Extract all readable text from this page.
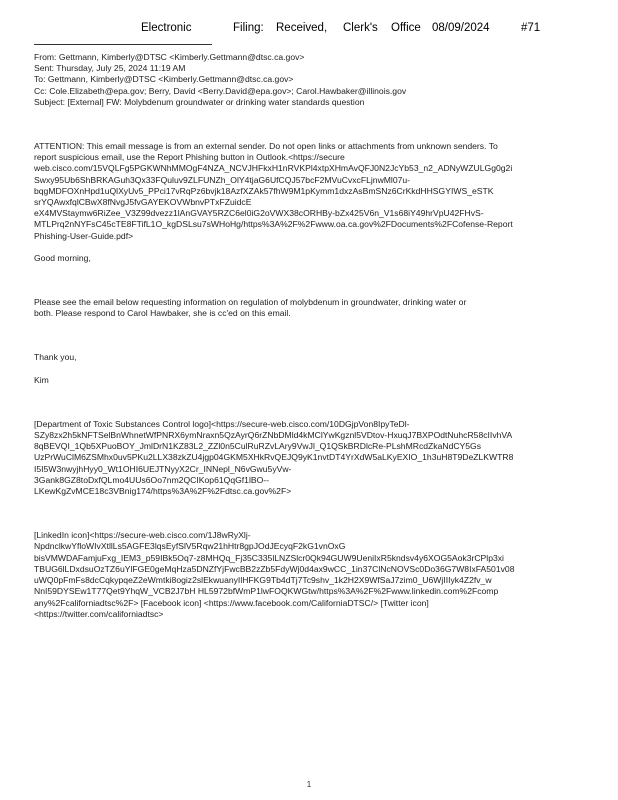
Electronic	Filing: Received, Clerk's Office 08/09/2024	#71
From: Gettmann, Kimberly@DTSC <Kimberly.Gettmann@dtsc.ca.gov>
Sent: Thursday, July 25, 2024 11:19 AM
To: Gettmann, Kimberly@DTSC <Kimberly.Gettmann@dtsc.ca.gov>
Cc: Cole.Elizabeth@epa.gov; Berry, David <Berry.David@epa.gov>; Carol.Hawbaker@illinois.gov
Subject: [External] FW: Molybdenum groundwater or drinking water standards question
ATTENTION: This email message is from an external sender. Do not open links or attachments from unknown senders. To
report suspicious email, use the Report Phishing button in Outlook.<https://secure
web.cisco.com/15VQLFg5PGKWNhMMOgF4NZA_NCVJHFkxH1nRVKPl4xtpXHmAvQFJ0N2JcYb53_n2_ADNyWZULGg0g2i
Swxy95Ub6ShBRKAGuh3Qx33FQuluv9ZLFUNZh_OlY4tjaG6UfCQJ57bcF2MVuCvxcFLjnwMl07u-
bqgMDFOXnHpd1uQlXyUv5_PPci17vRqPz6bvjk18AzfXZAk57fhW9M1pKymm1dxzAsBmSNz6CrKkdHHSGYIWS_eSTK
srYQAwxfqlCBwX8fNvgJ5fvGAYEKOVWbnvPTxFZuidcE
eX4MVStaymw6RiZee_V3Z99dvezz1lAnGVAY5RZC6el0iG2oVWX38cORHBy-bZx425V6n_V1s68iY49hrVpU42FHvS-
MTLPrq2nNYFsC45cTE8FTifL1O_kgDSLsu7sWHoHg/https%3A%2F%2Fwww.oa.ca.gov%2FDocuments%2FCofense-Report
Phishing-User-Guide.pdf>
Good morning,
Please see the email below requesting information on regulation of molybdenum in groundwater, drinking water or
both. Please respond to Carol Hawbaker, she is cc'ed on this email.
Thank you,
Kim
[Department of Toxic Substances Control logo]<https://secure-web.cisco.com/10DGjpVon8IpyTeDl-
SZy8zx2h5kNFTSelBnWhnetWfPNRX6ymNraxn5QzAyrQ6rZNbDMld4kMClYwKgznl5VDtov-HxuqJ7BXPOdtNuhcR58cIIvhVA
8qBEVQI_1Qb5XPuoBOY_JmlDrN1KZ83L2_ZZl0n5CulRuRZvLAry9VwJl_Q1QSkBRDlcRe-PLshMRcdZkaNdCY5Gs
UzPrWuClM6ZSMhx0uv5PKu2LLX38zkZU4jgp04GKM5XHkRvQEJQ9yK1nvtDT4YrXdW5aLKyEXIO_1h3uH8T9DeZLKWTR8
I5I5W3nwyjhHyy0_Wt1OHI6UEJTNyyX2Cr_INNepl_N6vGwu5yVw-
3Gank8GZ8toDxfQLmo4UUs6Oo7nm2QCIKop61QqGf1lBO--
LKewKgZvMCE18c3VBnig174/https%3A%2F%2Fdtsc.ca.gov%2F>
[LinkedIn icon]<https://secure-web.cisco.com/1J8wRyXlj-
NpdnclkwYfloWIvXtllLs5AGFE3lqsEyfSlV5Rqw21hHtr8gpJOdJEcyqF2kG1vnOxG
bisVMWDAFamjuFxg_IEM3_p59IBk5Oq7-z8MHQq_Fj35C335lLNZSlcr0Qk94GUW9UeniIxR5kndsv4y6XOG5Aok3rCPlp3xi
TBUG6lLDxdsuOzTZ6uYlFGE0geMqHza5DNZfYjFwcBB2zZb5FdyWj0d4ax9wCC_1in37ClNcNOVSc0Do36G7W8IxFA501v08
uWQ0pFmFs8dcCqkypqeZ2eWmtki8ogiz2slEkwuanyIlHFKG9Tb4dTj7Tc9shv_1k2H2X9WfSaJ7zim0_U6WjIIIyk4Z2fv_w
NnI59DYSEw1T77Qet9YhqW_VCB2J7bH HL5972bfWmP1lwFOQKWGtw/https%3A%2F%2Fwww.linkedin.com%2Fcomp
any%2Fcaliforniadtsc%2F> [Facebook icon] <https://www.facebook.com/CaliforniaDTSC/> [Twitter icon]
<https://twitter.com/californiadtsc>
1
